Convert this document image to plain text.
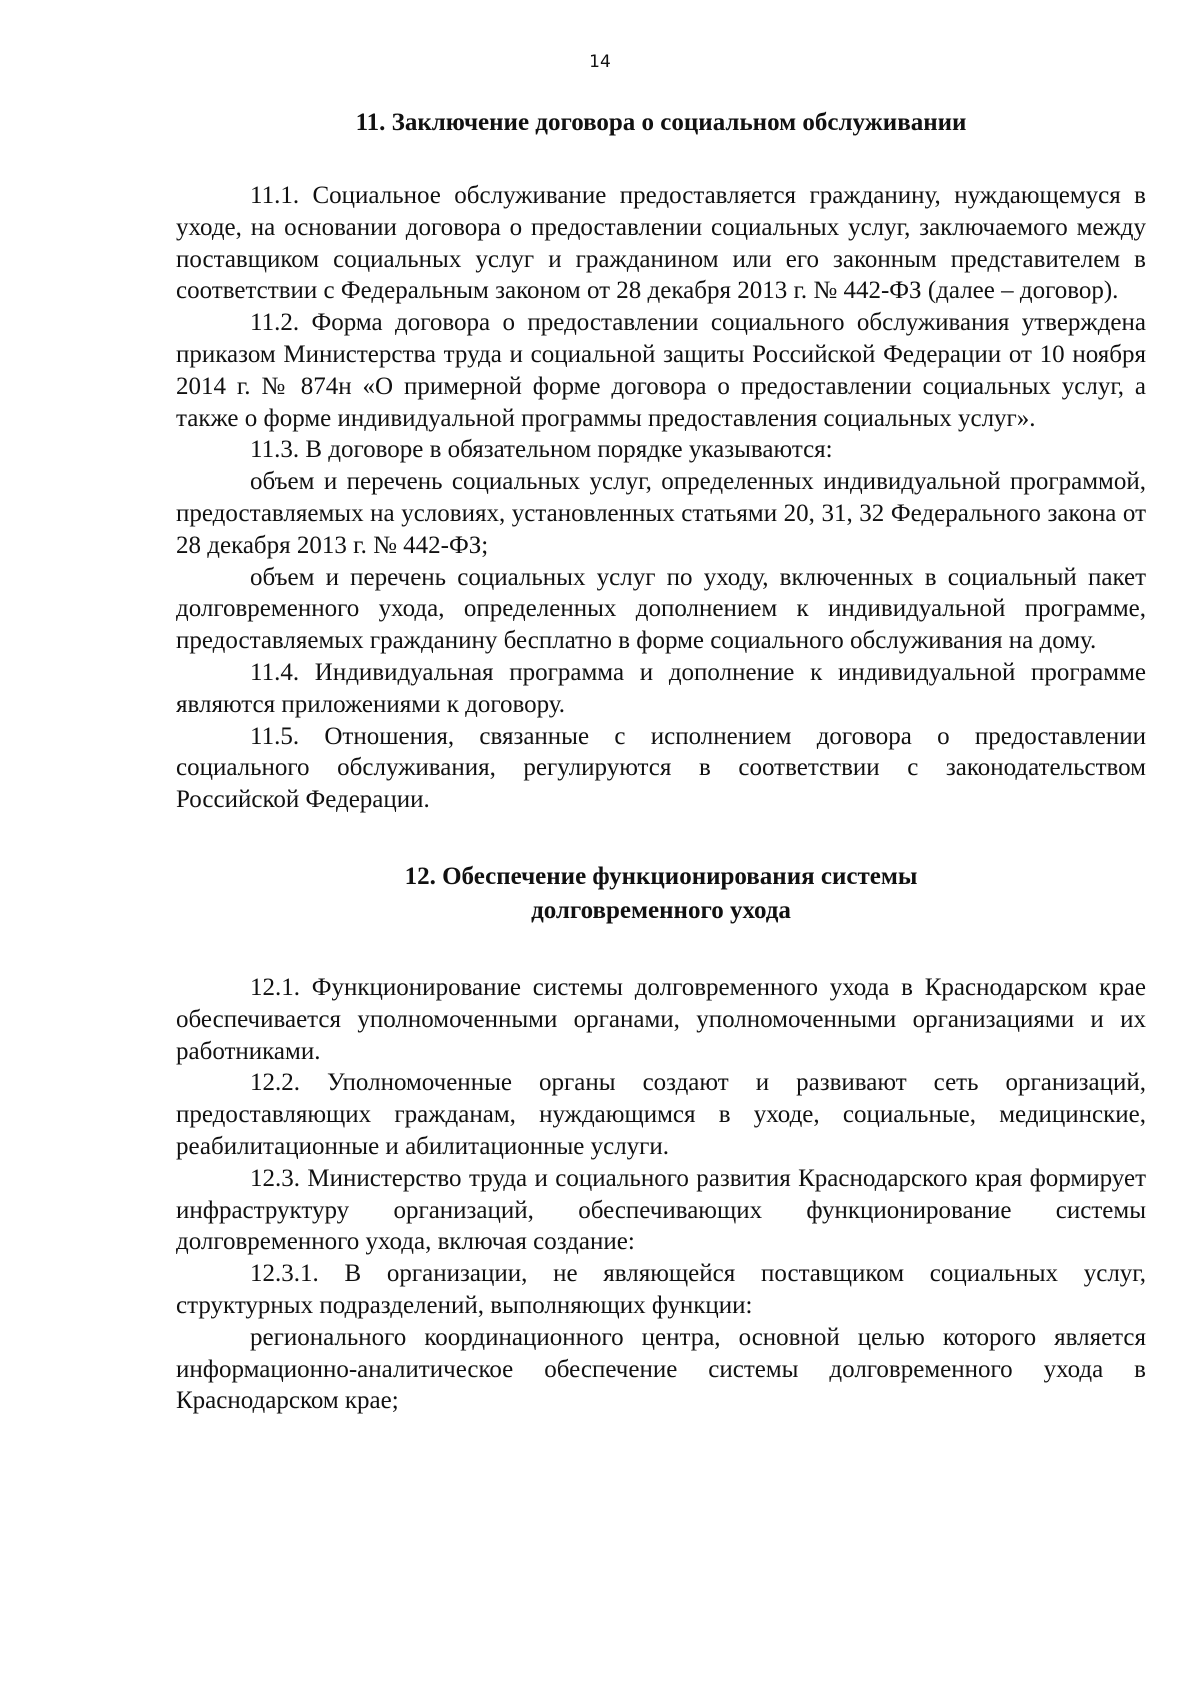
14
11. Заключение договора о социальном обслуживании

11.1. Социальное обслуживание предоставляется гражданину, нуждающемуся в уходе, на основании договора о предоставлении социальных услуг, заключаемого между поставщиком социальных услуг и гражданином или его законным представителем в соответствии с Федеральным законом от 28 декабря 2013 г. № 442-ФЗ (далее – договор).

11.2. Форма договора о предоставлении социального обслуживания утверждена приказом Министерства труда и социальной защиты Российской Федерации от 10 ноября 2014 г. № 874н «О примерной форме договора о предоставлении социальных услуг, а также о форме индивидуальной программы предоставления социальных услуг».

11.3. В договоре в обязательном порядке указываются:

объем и перечень социальных услуг, определенных индивидуальной программой, предоставляемых на условиях, установленных статьями 20, 31, 32 Федерального закона от 28 декабря 2013 г. № 442-ФЗ;

объем и перечень социальных услуг по уходу, включенных в социальный пакет долговременного ухода, определенных дополнением к индивидуальной программе, предоставляемых гражданину бесплатно в форме социального обслуживания на дому.

11.4. Индивидуальная программа и дополнение к индивидуальной программе являются приложениями к договору.

11.5. Отношения, связанные с исполнением договора о предоставлении социального обслуживания, регулируются в соответствии с законодательством Российской Федерации.

12. Обеспечение функционирования системы
долговременного ухода

12.1. Функционирование системы долговременного ухода в Краснодарском крае обеспечивается уполномоченными органами, уполномоченными организациями и их работниками.

12.2. Уполномоченные органы создают и развивают сеть организаций, предоставляющих гражданам, нуждающимся в уходе, социальные, медицинские, реабилитационные и абилитационные услуги.

12.3. Министерство труда и социального развития Краснодарского края формирует инфраструктуру организаций, обеспечивающих функционирование системы долговременного ухода, включая создание:

12.3.1. В организации, не являющейся поставщиком социальных услуг, структурных подразделений, выполняющих функции:

регионального координационного центра, основной целью которого является информационно-аналитическое обеспечение системы долговременного ухода в Краснодарском крае;
